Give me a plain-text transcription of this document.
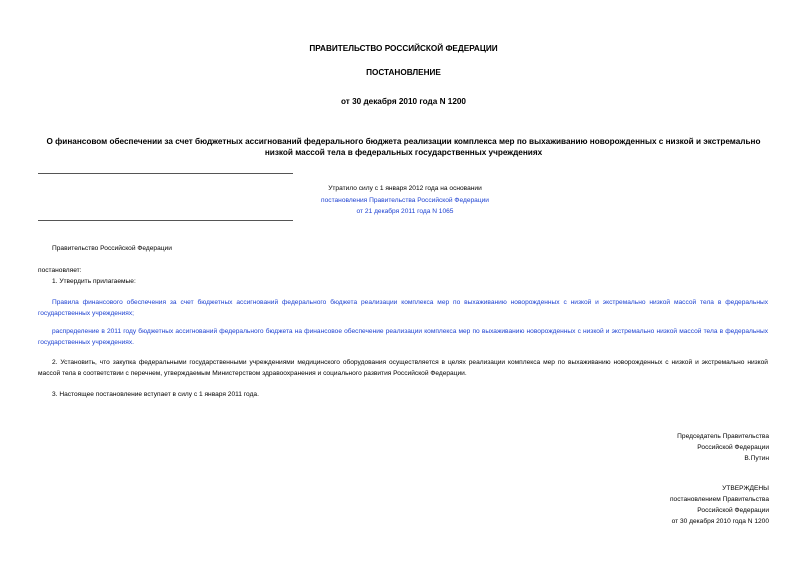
ПРАВИТЕЛЬСТВО РОССИЙСКОЙ ФЕДЕРАЦИИ
ПОСТАНОВЛЕНИЕ
от 30 декабря 2010 года N 1200
О финансовом обеспечении за счет бюджетных ассигнований федерального бюджета реализации комплекса мер по выхаживанию новорожденных с низкой и экстремально низкой массой тела в федеральных государственных учреждениях
Утратило силу с 1 января 2012 года на основании
постановления Правительства Российской Федерации
от 21 декабря 2011 года N 1065
Правительство Российской Федерации
постановляет:
1. Утвердить прилагаемые:
Правила финансового обеспечения за счет бюджетных ассигнований федерального бюджета реализации комплекса мер по выхаживанию новорожденных с низкой и экстремально низкой массой тела в федеральных государственных учреждениях;
распределение в 2011 году бюджетных ассигнований федерального бюджета на финансовое обеспечение реализации комплекса мер по выхаживанию новорожденных с низкой и экстремально низкой массой тела в федеральных государственных учреждениях.
2. Установить, что закупка федеральными государственными учреждениями медицинского оборудования осуществляется в целях реализации комплекса мер по выхаживанию новорожденных с низкой и экстремально низкой массой тела в соответствии с перечнем, утверждаемым Министерством здравоохранения и социального развития Российской Федерации.
3. Настоящее постановление вступает в силу с 1 января 2011 года.
Председатель Правительства
Российской Федерации
В.Путин
УТВЕРЖДЕНЫ
постановлением Правительства
Российской Федерации
от 30 декабря 2010 года N 1200
